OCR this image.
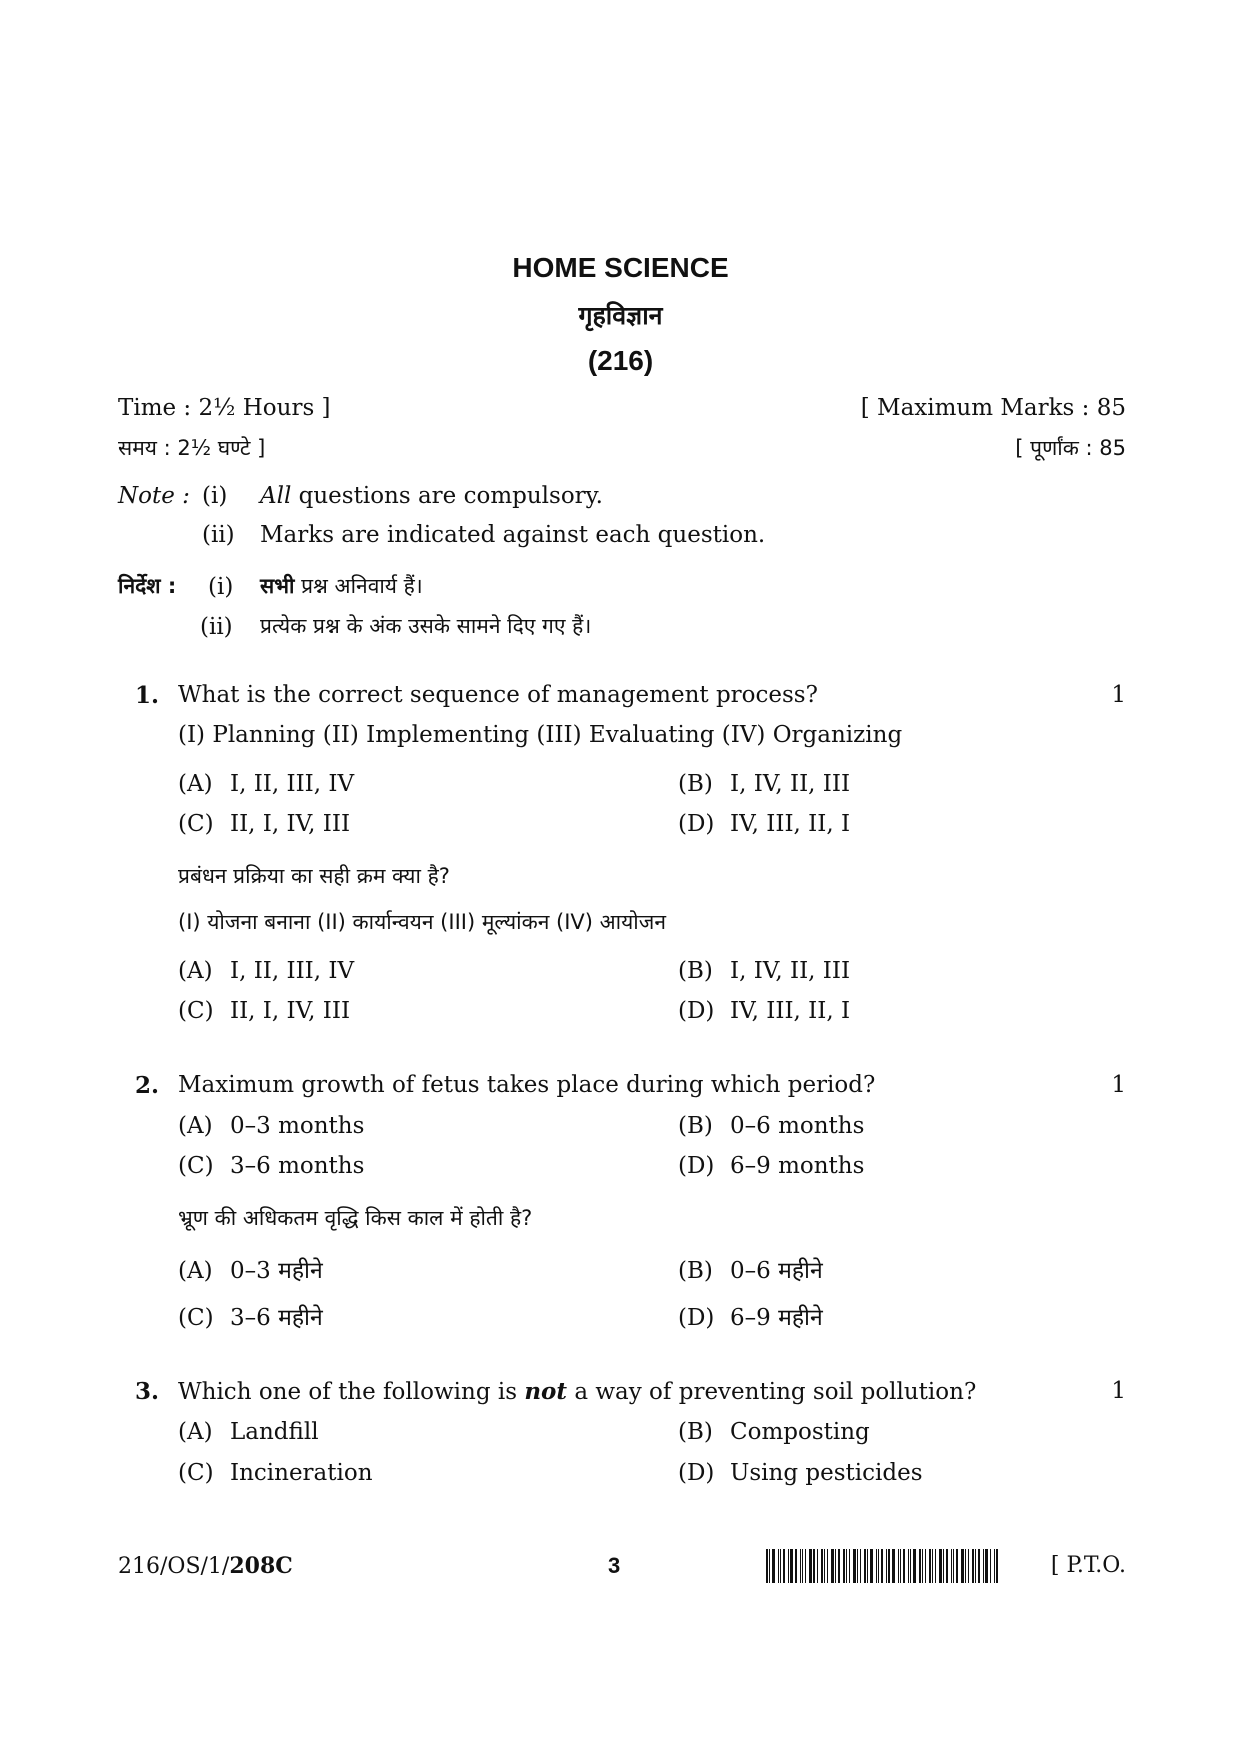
HOME SCIENCE
गृहविज्ञान
(216)
Time : 2½ Hours ]	[ Maximum Marks : 85
समय : 2½ घण्टे ]	[ पूर्णांक : 85
Note : (i) All questions are compulsory.
(ii) Marks are indicated against each question.
निर्देश : (i) सभी प्रश्न अनिवार्य हैं।
(ii) प्रत्येक प्रश्न के अंक उसके सामने दिए गए हैं।
1. What is the correct sequence of management process?	1
(I) Planning (II) Implementing (III) Evaluating (IV) Organizing
(A) I, II, III, IV	(B) I, IV, II, III
(C) II, I, IV, III	(D) IV, III, II, I
प्रबंधन प्रक्रिया का सही क्रम क्या है?
(I) योजना बनाना (II) कार्यान्वयन (III) मूल्यांकन (IV) आयोजन
(A) I, II, III, IV	(B) I, IV, II, III
(C) II, I, IV, III	(D) IV, III, II, I
2. Maximum growth of fetus takes place during which period?	1
(A) 0–3 months	(B) 0–6 months
(C) 3–6 months	(D) 6–9 months
भ्रूण की अधिकतम वृद्धि किस काल में होती है?
(A) 0–3 महीने	(B) 0–6 महीने
(C) 3–6 महीने	(D) 6–9 महीने
3. Which one of the following is not a way of preventing soil pollution?	1
(A) Landfill	(B) Composting
(C) Incineration	(D) Using pesticides
216/OS/1/208C	3	[ P.T.O.
